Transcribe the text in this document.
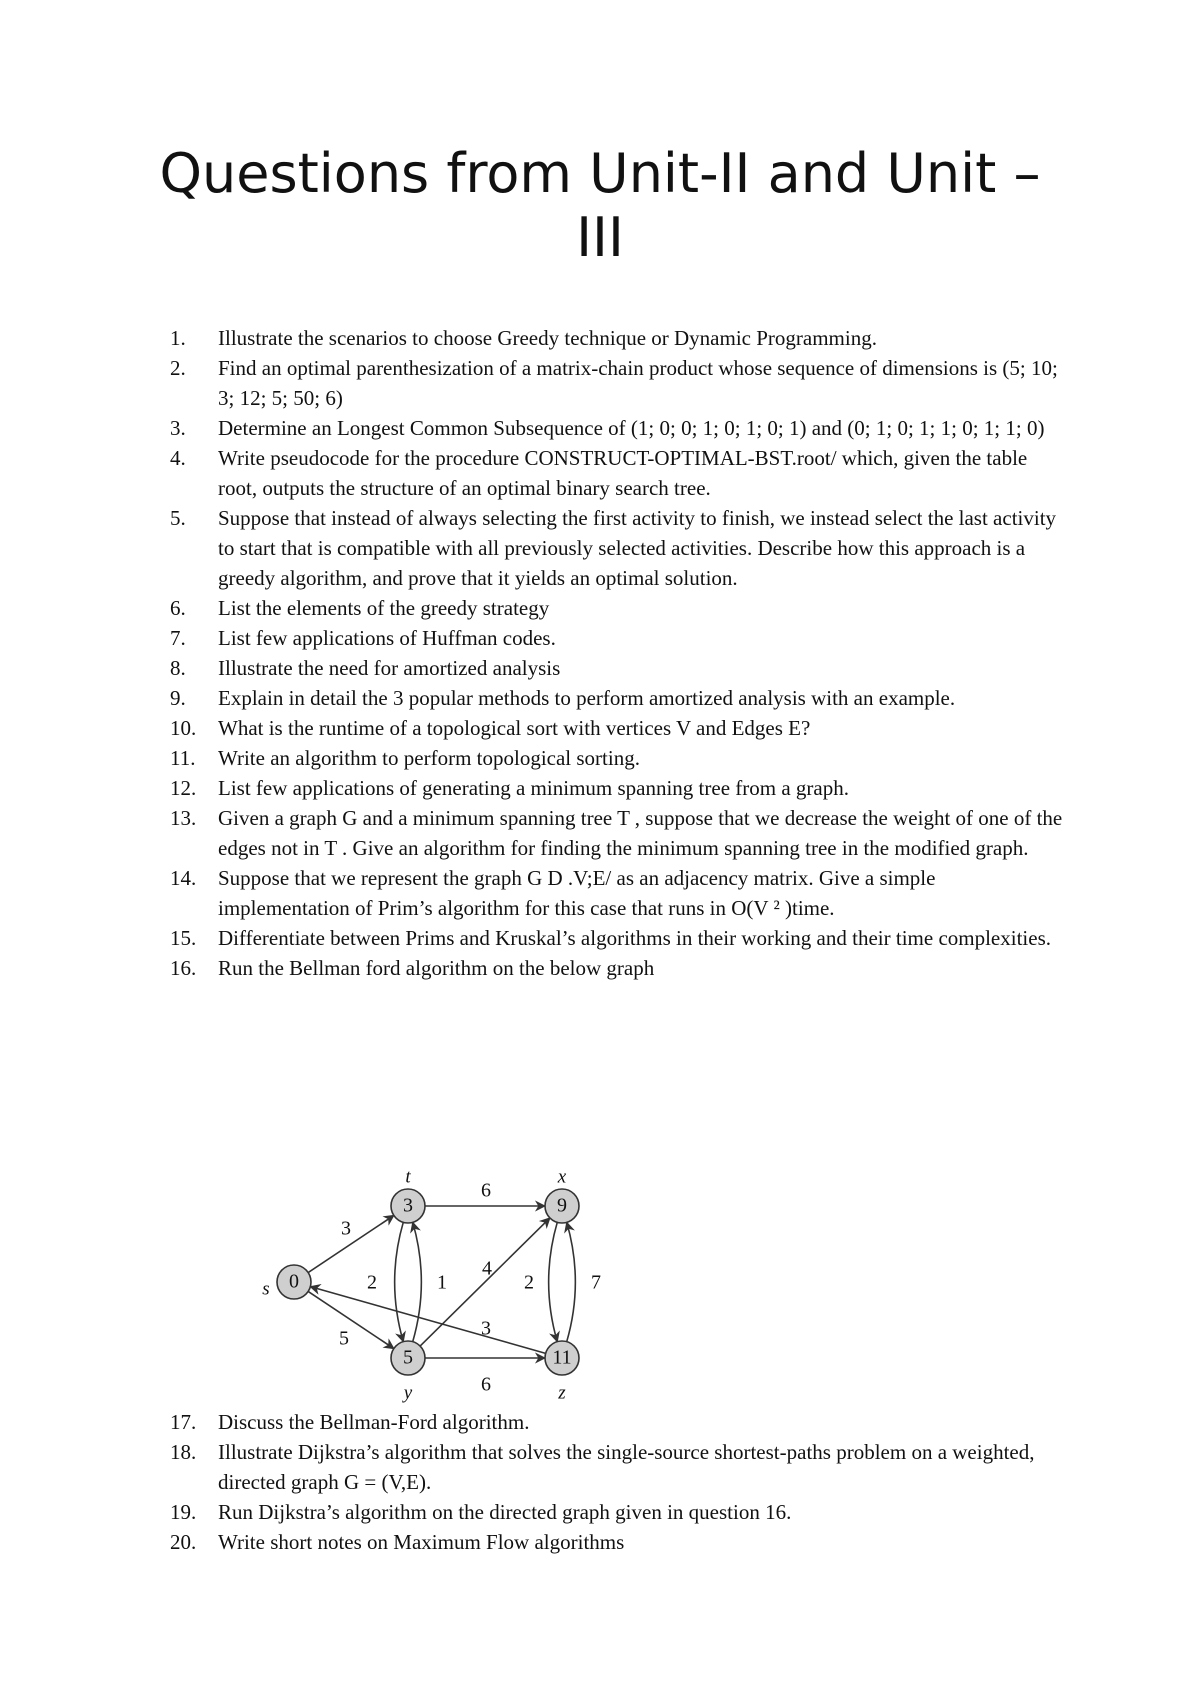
Questions from Unit-II and Unit – III
1.	Illustrate the scenarios to choose Greedy technique or Dynamic Programming.
2.	Find an optimal parenthesization of a matrix-chain product whose sequence of dimensions is (5; 10; 3; 12; 5; 50; 6)
3.	Determine an Longest Common Subsequence of (1; 0; 0; 1; 0; 1; 0; 1) and (0; 1; 0; 1; 1; 0; 1; 1; 0)
4.	Write pseudocode for the procedure CONSTRUCT-OPTIMAL-BST.root/ which, given the table root, outputs the structure of an optimal binary search tree.
5.	Suppose that instead of always selecting the first activity to finish, we instead select the last activity to start that is compatible with all previously selected activities. Describe how this approach is a greedy algorithm, and prove that it yields an optimal solution.
6.	List the elements of the greedy strategy
7.	List few applications of Huffman codes.
8.	Illustrate the need for amortized analysis
9.	Explain in detail the 3 popular methods to perform amortized analysis with an example.
10.	What is the runtime of a topological sort with vertices V and Edges E?
11.	Write an algorithm to perform topological sorting.
12.	List few applications of generating a minimum spanning tree from a graph.
13.	Given a graph G and a minimum spanning tree T , suppose that we decrease the weight of one of the edges not in T . Give an algorithm for finding the minimum spanning tree in the modified graph.
14.	Suppose that we represent the graph G D .V;E/ as an adjacency matrix. Give a simple implementation of Prim’s algorithm for this case that runs in O(V ² )time.
15.	Differentiate between Prims and Kruskal’s algorithms in their working and their time complexities.
16.	Run the Bellman ford algorithm on the below graph
3
5
6
2	1
4
6
2	7
3
0
s
3
t
9
x
5
y
11
z
17.	Discuss the Bellman-Ford algorithm.
18.	Illustrate Dijkstra’s algorithm that solves the single-source shortest-paths problem on a weighted, directed graph G = (V,E).
19.	Run Dijkstra’s algorithm on the directed graph given in question 16.
20.	Write short notes on Maximum Flow algorithms
